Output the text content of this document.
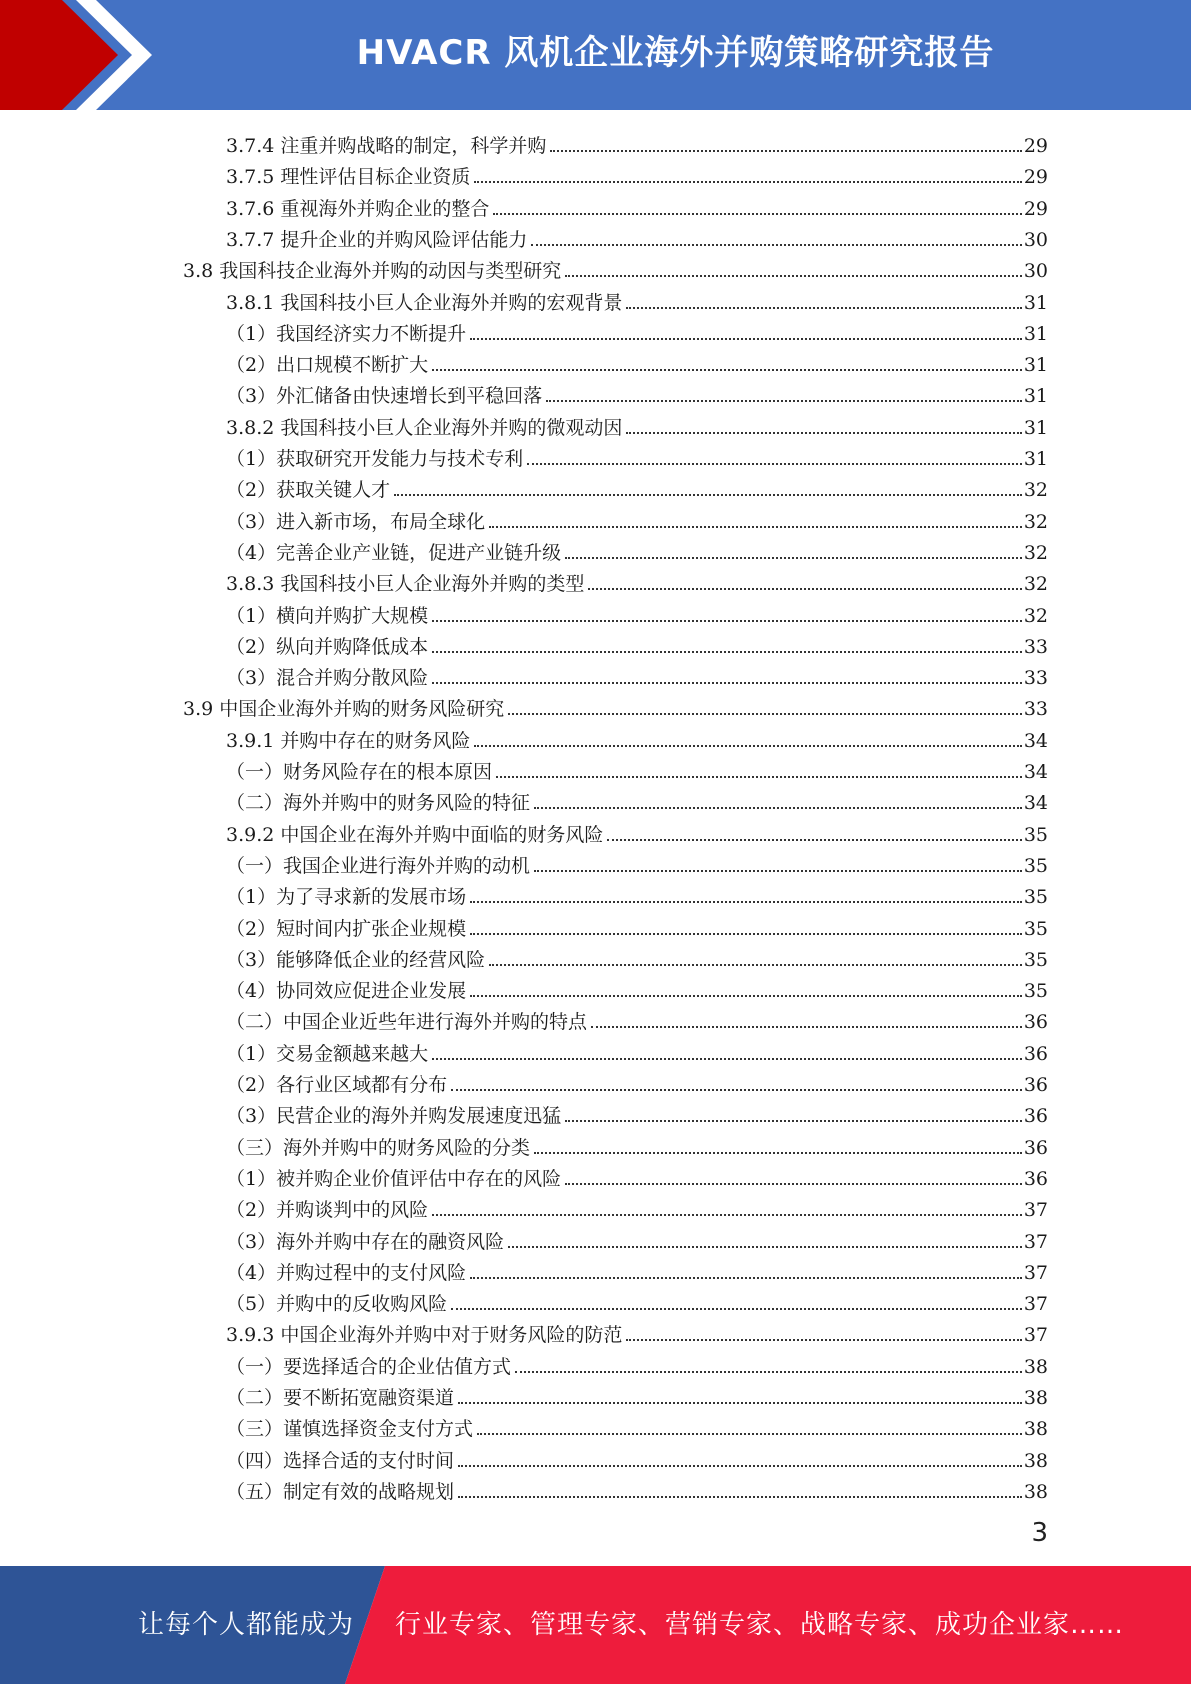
HVACR 风机企业海外并购策略研究报告
3.7.4 注重并购战略的制定，科学并购	29
3.7.5 理性评估目标企业资质	29
3.7.6 重视海外并购企业的整合	29
3.7.7 提升企业的并购风险评估能力	30
3.8 我国科技企业海外并购的动因与类型研究	30
3.8.1 我国科技小巨人企业海外并购的宏观背景	31
（1）我国经济实力不断提升	31
（2）出口规模不断扩大	31
（3）外汇储备由快速增长到平稳回落	31
3.8.2 我国科技小巨人企业海外并购的微观动因	31
（1）获取研究开发能力与技术专利	31
（2）获取关键人才	32
（3）进入新市场，布局全球化	32
（4）完善企业产业链，促进产业链升级	32
3.8.3 我国科技小巨人企业海外并购的类型	32
（1）横向并购扩大规模	32
（2）纵向并购降低成本	33
（3）混合并购分散风险	33
3.9 中国企业海外并购的财务风险研究	33
3.9.1 并购中存在的财务风险	34
（一）财务风险存在的根本原因	34
（二）海外并购中的财务风险的特征	34
3.9.2 中国企业在海外并购中面临的财务风险	35
（一）我国企业进行海外并购的动机	35
（1）为了寻求新的发展市场	35
（2）短时间内扩张企业规模	35
（3）能够降低企业的经营风险	35
（4）协同效应促进企业发展	35
（二）中国企业近些年进行海外并购的特点	36
（1）交易金额越来越大	36
（2）各行业区域都有分布	36
（3）民营企业的海外并购发展速度迅猛	36
（三）海外并购中的财务风险的分类	36
（1）被并购企业价值评估中存在的风险	36
（2）并购谈判中的风险	37
（3）海外并购中存在的融资风险	37
（4）并购过程中的支付风险	37
（5）并购中的反收购风险	37
3.9.3 中国企业海外并购中对于财务风险的防范	37
（一）要选择适合的企业估值方式	38
（二）要不断拓宽融资渠道	38
（三）谨慎选择资金支付方式	38
（四）选择合适的支付时间	38
（五）制定有效的战略规划	38
3
让每个人都能成为 行业专家、管理专家、营销专家、战略专家、成功企业家……
